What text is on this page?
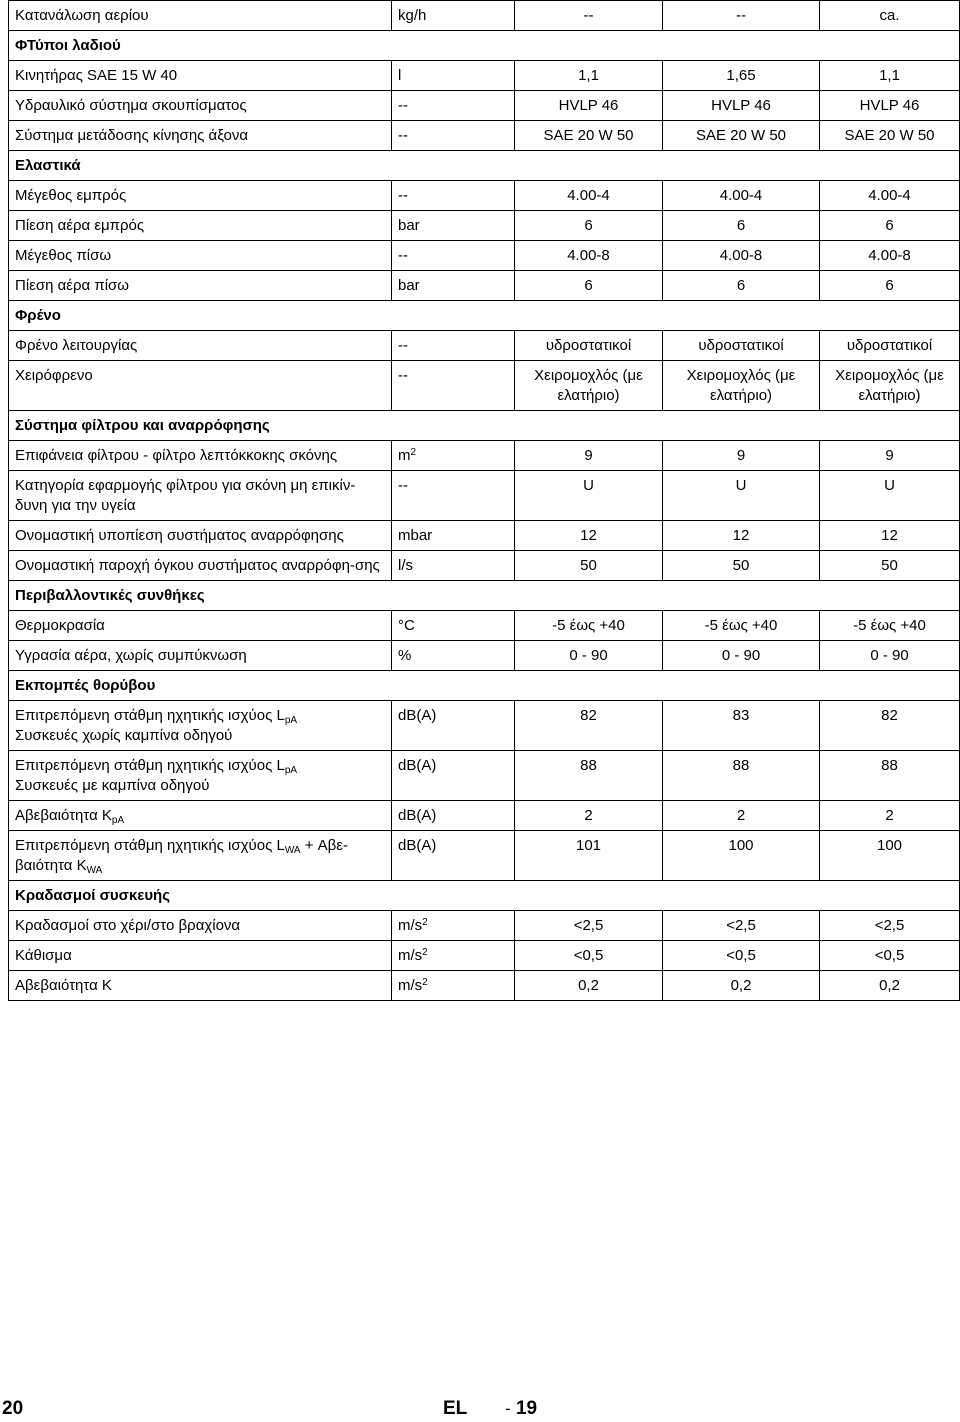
Κατανάλωση αερίου	kg/h	--	--	ca.
ΦΤύποι λαδιού				
Κινητήρας SAE 15 W 40	l	1,1	1,65	1,1
Υδραυλικό σύστημα σκουπίσματος	--	HVLP 46	HVLP 46	HVLP 46
Σύστημα μετάδοσης κίνησης άξονα	--	SAE 20 W 50	SAE 20 W 50	SAE 20 W 50
Ελαστικά				
Μέγεθος εμπρός	--	4.00-4	4.00-4	4.00-4
Πίεση αέρα εμπρός	bar	6	6	6
Μέγεθος πίσω	--	4.00-8	4.00-8	4.00-8
Πίεση αέρα πίσω	bar	6	6	6
Φρένο				
Φρένο λειτουργίας	--	υδροστατικοί	υδροστατικοί	υδροστατικοί
Χειρόφρενο	--	Χειρομοχλός (με ελατήριο)	Χειρομοχλός (με ελατήριο)	Χειρομοχλός (με ελατήριο)
Σύστημα φίλτρου και αναρρόφησης				
Επιφάνεια φίλτρου - φίλτρο λεπτόκκοκης σκόνης	$m^2$	9	9	9
Κατηγορία εφαρμογής φίλτρου για σκόνη μη επικίν-δυνη για την υγεία	--	U	U	U
Ονομαστική υποπίεση συστήματος αναρρόφησης	mbar	12	12	12
Ονομαστική παροχή όγκου συστήματος αναρρόφη-σης	l/s	50	50	50
Περιβαλλοντικές συνθήκες				
Θερμοκρασία	°C	-5 έως +40	-5 έως +40	-5 έως +40
Υγρασία αέρα, χωρίς συμπύκνωση	%	0 - 90	0 - 90	0 - 90
Εκπομπές θορύβου				
Επιτρεπόμενη στάθμη ηχητικής ισχύος $L_{pA}$
Συσκευές χωρίς καμπίνα οδηγού	dB(A)	82	83	82
Επιτρεπόμενη στάθμη ηχητικής ισχύος $L_{pA}$
Συσκευές με καμπίνα οδηγού	dB(A)	88	88	88
Αβεβαιότητα $K_{pA}$	dB(A)	2	2	2
Επιτρεπόμενη στάθμη ηχητικής ισχύος $L_{WA} + A\beta\varepsilon-\beta\alpha\iota ό\tau\eta\tau\alpha$ $K_{WA}$	dB(A)	101	100	100
Κραδασμοί συσκευής				
Κραδασμοί στο χέρι/στο βραχίονα	$m/s^2$	<2,5	<2,5	<2,5
Κάθισμα	$m/s^2$	<0,5	<0,5	<0,5
Αβεβαιότητα K	$m/s^2$	0,2	0,2	0,2
20	EL - 19
